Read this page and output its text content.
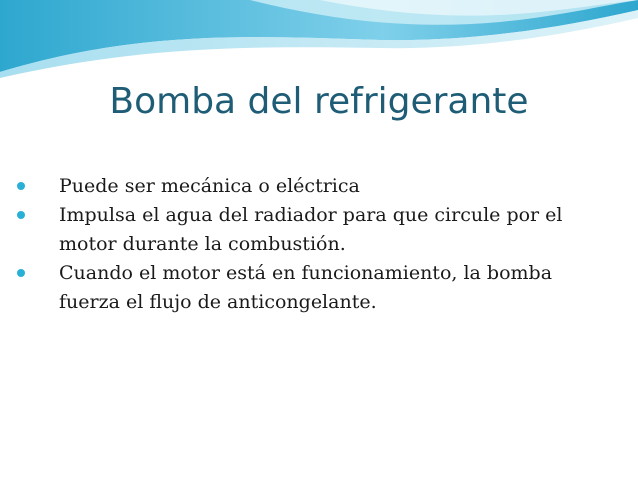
Bomba del refrigerante
Puede ser mecánica o eléctrica
Impulsa el agua del radiador para que circule por el motor durante la combustión.
Cuando el motor está en funcionamiento, la bomba fuerza el flujo de anticongelante.
